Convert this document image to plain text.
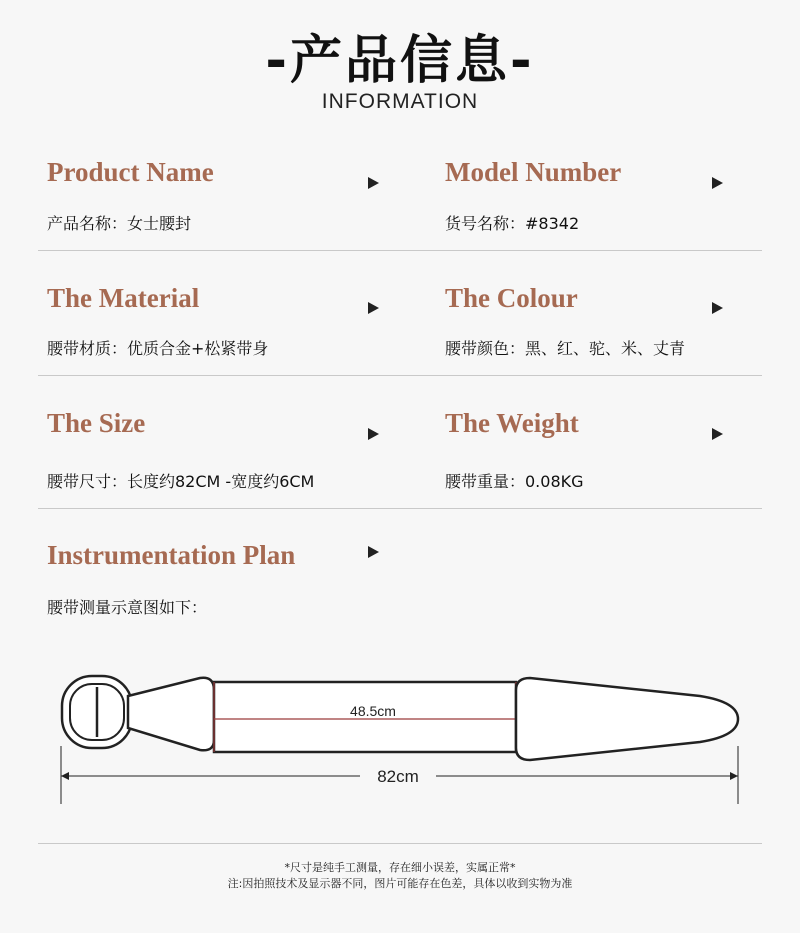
-产品信息-
INFORMATION
Product Name
产品名称：女士腰封
Model Number
货号名称：#8342
The Material
腰带材质：优质合金+松紧带身
The Colour
腰带颜色：黑、红、驼、米、丈青
The Size
腰带尺寸：长度约82CM -宽度约6CM
The Weight
腰带重量：0.08KG
Instrumentation Plan
腰带测量示意图如下：
48.5cm
82cm
*尺寸是纯手工测量，存在细小误差，实属正常*
注:因拍照技术及显示器不同，图片可能存在色差，具体以收到实物为准
